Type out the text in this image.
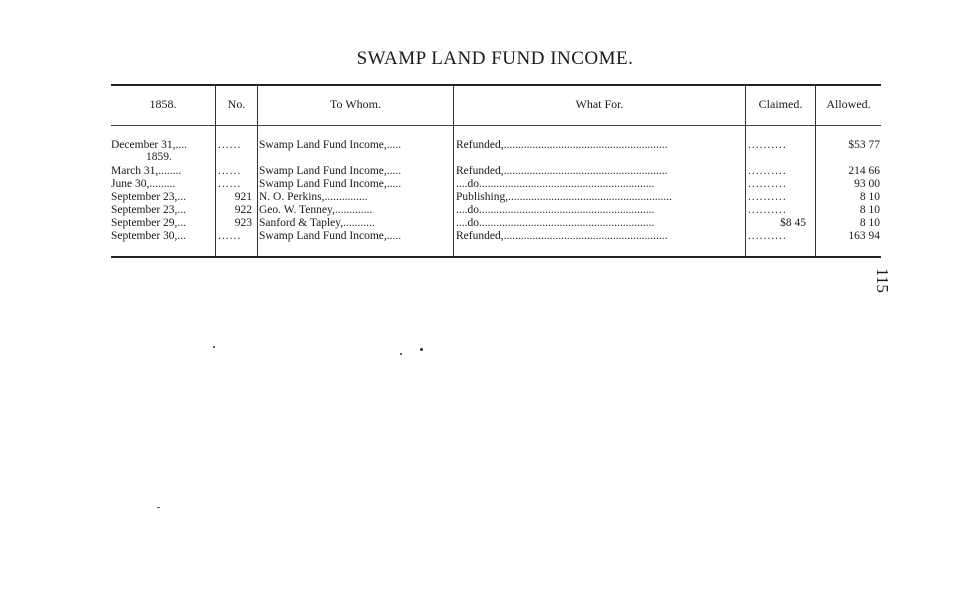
SWAMP LAND FUND INCOME.
1858.	No.	To Whom.	What For.	Claimed.	Allowed.
December 31,....	......	Swamp Land Fund Income,.....	Refunded,.........................................................	..........	$53 77
1859.
March 31,........	......	Swamp Land Fund Income,.....	Refunded,.........................................................	..........	214 66
June 30,.........	......	Swamp Land Fund Income,.....	....do.............................................................	..........	93 00
September 23,...	921 N. O. Perkins,...............	Publishing,.........................................................	..........	8 10
September 23,...	922 Geo. W. Tenney,.............	....do.............................................................	..........	8 10
September 29,...	923 Sanford & Tapley,...........	....do.............................................................	$8 45	8 10
September 30,...	......	Swamp Land Fund Income,.....	Refunded,.........................................................	..........	163 94
115
